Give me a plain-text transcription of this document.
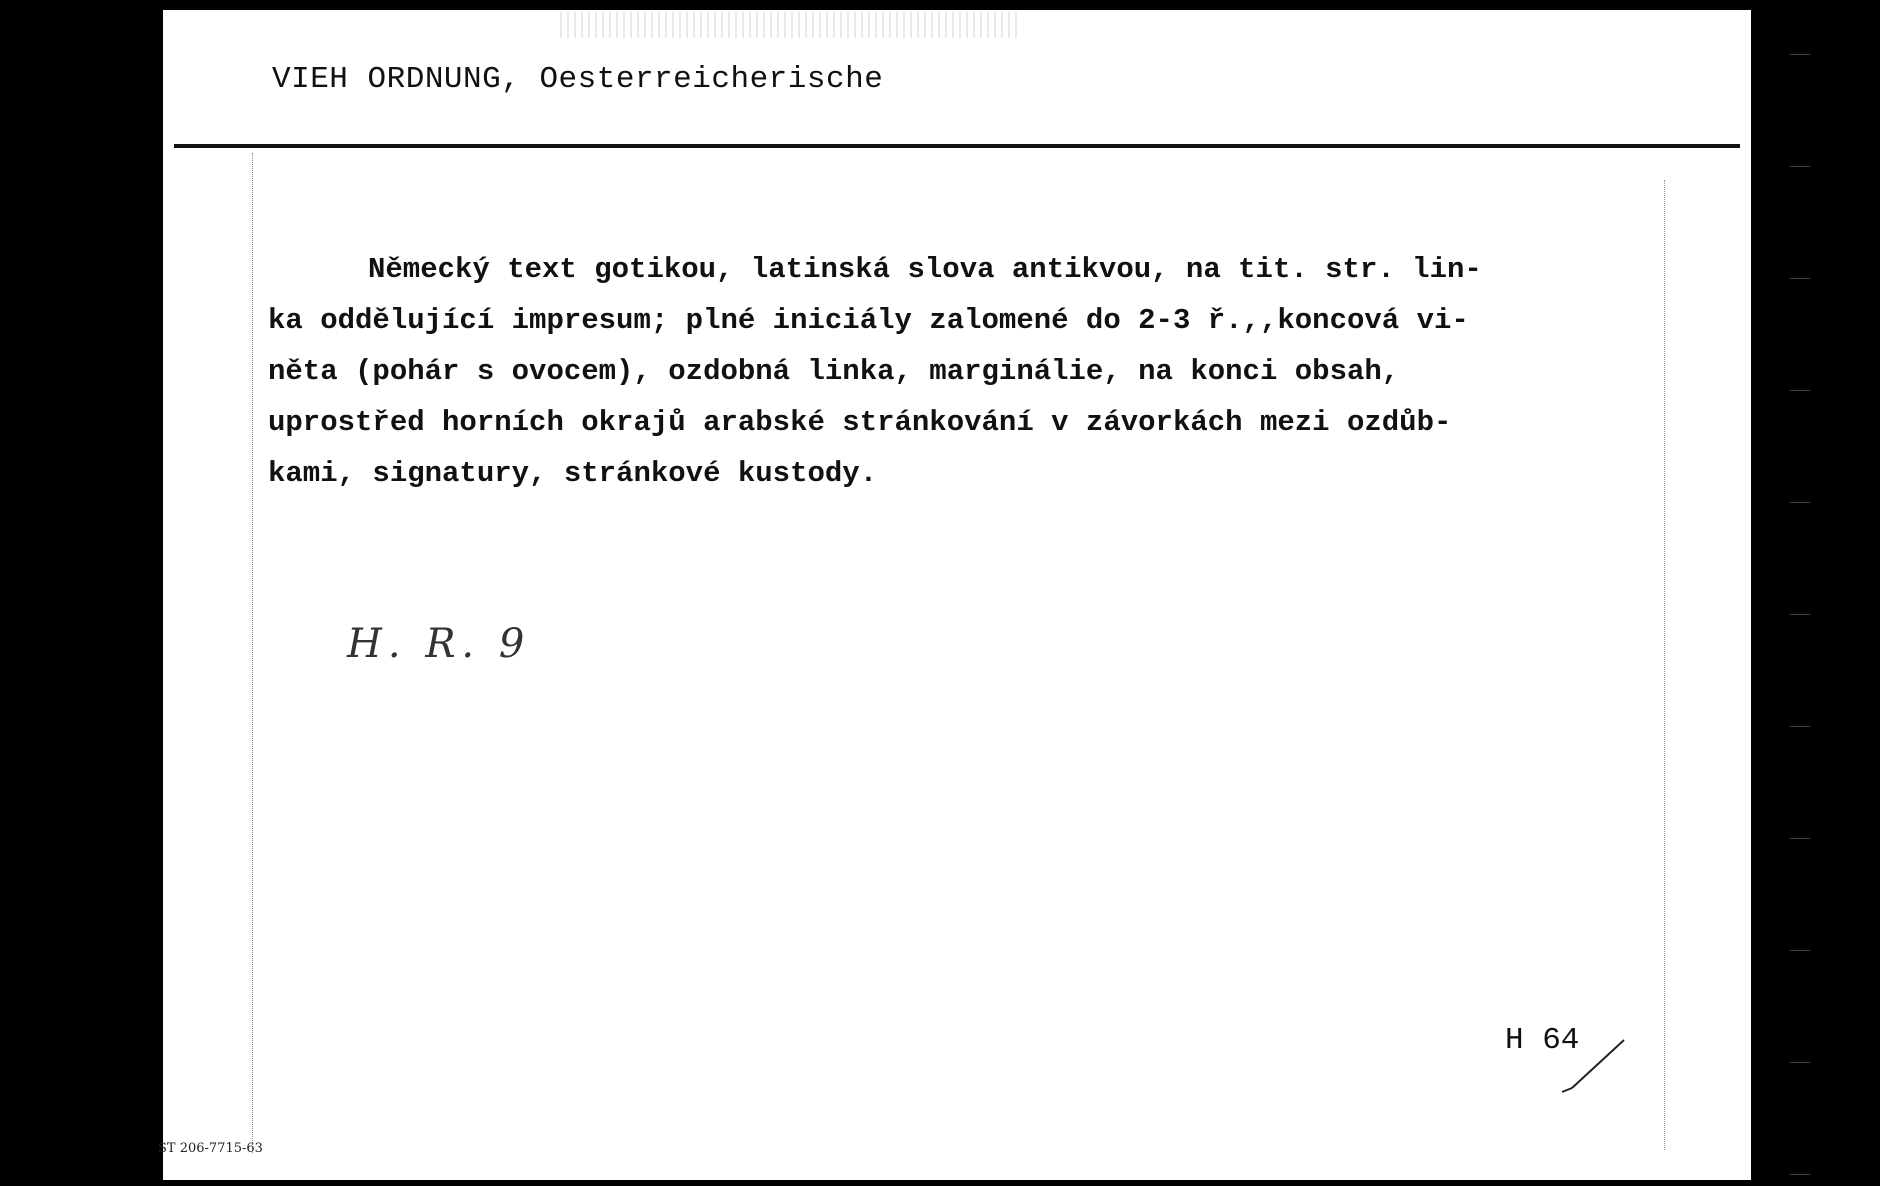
VIEH ORDNUNG, Oesterreicherische
Německý text gotikou, latinská slova antikvou, na tit. str. lin-
ka oddělující impresum; plné iniciály zalomené do 2-3 ř.,,koncová vi-
něta (pohár s ovocem), ozdobná linka, marginálie, na konci obsah,
uprostřed horních okrajů arabské stránkování v závorkách mezi ozdůb-
kami, signatury, stránkové kustody.
H. R. 9
H 64
ST 206-7715-63
